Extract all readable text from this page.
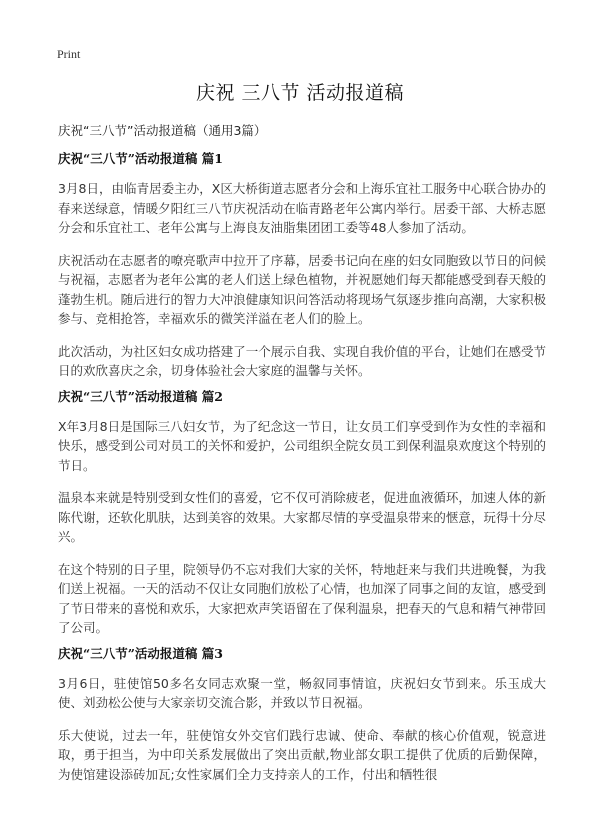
Print
庆祝 三八节 活动报道稿
庆祝“三八节”活动报道稿（通用3篇）
庆祝“三八节”活动报道稿 篇1

3月8日，由临青居委主办，X区大桥街道志愿者分会和上海乐宜社工服务中心联合协办的春来送绿意，情暖夕阳红三八节庆祝活动在临青路老年公寓内举行。居委干部、大桥志愿分会和乐宜社工、老年公寓与上海良友油脂集团团工委等48人参加了活动。

庆祝活动在志愿者的嘹亮歌声中拉开了序幕，居委书记向在座的妇女同胞致以节日的问候与祝福，志愿者为老年公寓的老人们送上绿色植物，并祝愿她们每天都能感受到春天般的蓬勃生机。随后进行的智力大冲浪健康知识问答活动将现场气氛逐步推向高潮，大家积极参与、竞相抢答，幸福欢乐的微笑洋溢在老人们的脸上。

此次活动，为社区妇女成功搭建了一个展示自我、实现自我价值的平台，让她们在感受节日的欢欣喜庆之余，切身体验社会大家庭的温馨与关怀。

庆祝“三八节”活动报道稿 篇2

X年3月8日是国际三八妇女节，为了纪念这一节日，让女员工们享受到作为女性的幸福和快乐，感受到公司对员工的关怀和爱护，公司组织全院女员工到保利温泉欢度这个特别的节日。

温泉本来就是特别受到女性们的喜爱，它不仅可消除疲老，促进血液循环，加速人体的新陈代谢，还软化肌肤，达到美容的效果。大家都尽情的享受温泉带来的惬意，玩得十分尽兴。

在这个特别的日子里，院领导仍不忘对我们大家的关怀，特地赶来与我们共进晚餐，为我们送上祝福。一天的活动不仅让女同胞们放松了心情，也加深了同事之间的友谊，感受到了节日带来的喜悦和欢乐，大家把欢声笑语留在了保利温泉，把春天的气息和精气神带回了公司。

庆祝“三八节”活动报道稿 篇3

3月6日，驻使馆50多名女同志欢聚一堂，畅叙同事情谊，庆祝妇女节到来。乐玉成大使、刘劲松公使与大家亲切交流合影，并致以节日祝福。

乐大使说，过去一年，驻使馆女外交官们践行忠诚、使命、奉献的核心价值观，锐意进取，勇于担当，为中印关系发展做出了突出贡献,物业部女职工提供了优质的后勤保障，为使馆建设添砖加瓦;女性家属们全力支持亲人的工作，付出和牺牲很
